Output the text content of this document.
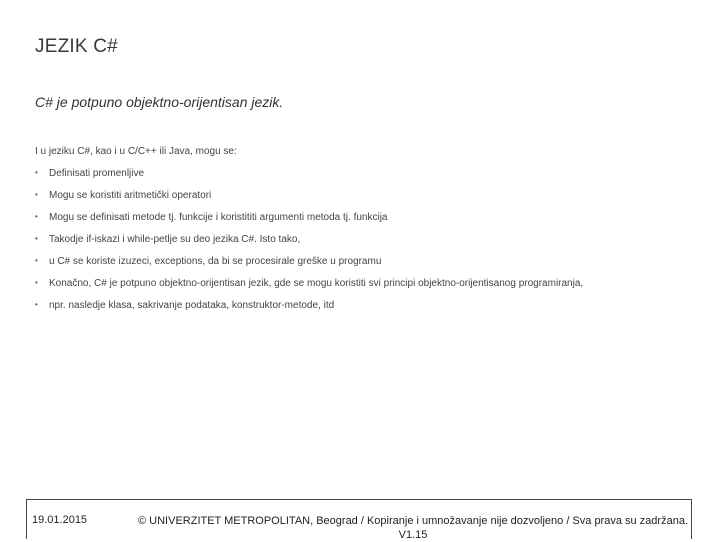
JEZIK C#
C# je potpuno objektno-orijentisan jezik.
I u jeziku C#, kao i u C/C++ ili Java, mogu se:
• Definisati promenljive
• Mogu se koristiti aritmetički operatori
• Mogu se definisati metode tj. funkcije i koristititi argumenti metoda tj. funkcija
• Takodje if-iskazi i while-petlje su deo jezika C#. Isto tako,
• u C# se koriste izuzeci, exceptions, da bi se procesirale greške u programu
• Konačno, C# je potpuno objektno-orijentisan jezik, gde se mogu koristiti svi principi objektno-orijentisanog programiranja,
• npr. nasledje klasa, sakrivanje podataka, konstruktor-metode, itd
19.01.2015	© UNIVERZITET METROPOLITAN, Beograd / Kopiranje i umnožavanje nije dozvoljeno / Sva prava su zadržana.
V1.15
